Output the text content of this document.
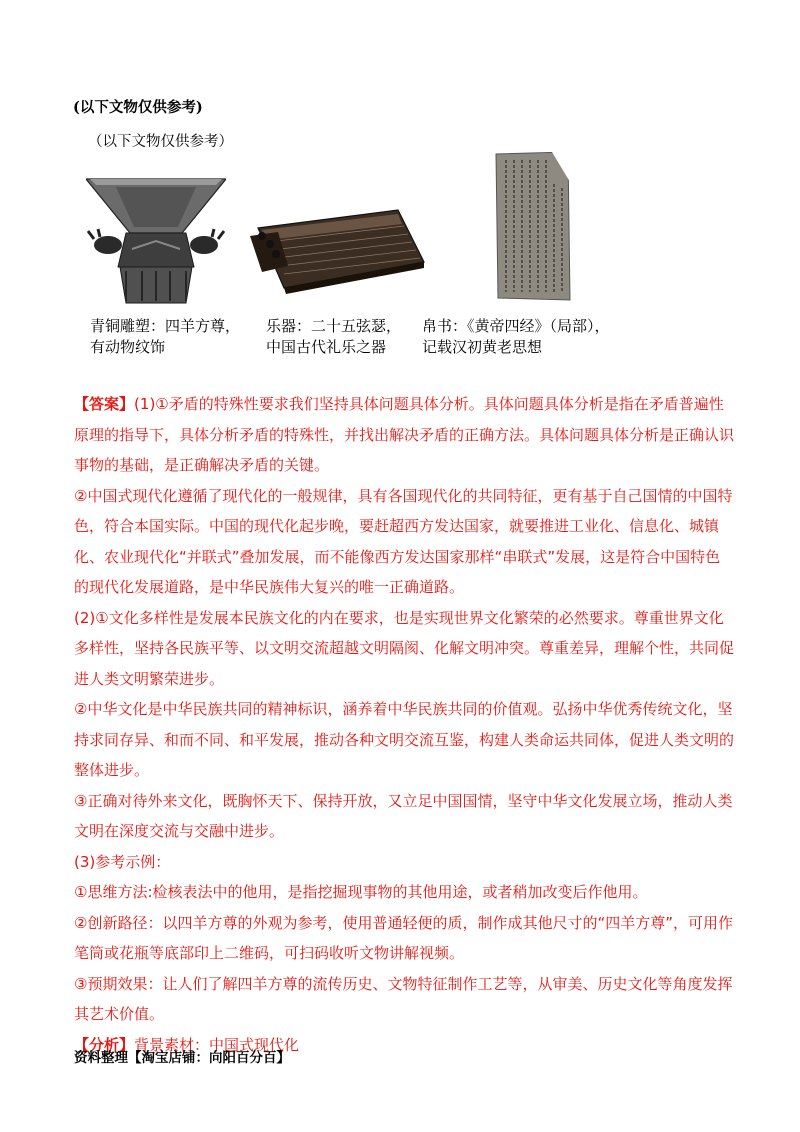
(以下文物仅供参考)
（以下文物仅供参考）
青铜雕塑：四羊方尊，
有动物纹饰
乐器：二十五弦瑟，
中国古代礼乐之器
帛书：《黄帝四经》（局部），
记载汉初黄老思想

【答案】(1)①矛盾的特殊性要求我们坚持具体问题具体分析。具体问题具体分析是指在矛盾普遍性原理的指导下，具体分析矛盾的特殊性，并找出解决矛盾的正确方法。具体问题具体分析是正确认识事物的基础，是正确解决矛盾的关键。

②中国式现代化遵循了现代化的一般规律，具有各国现代化的共同特征，更有基于自己国情的中国特色，符合本国实际。中国的现代化起步晚，要赶超西方发达国家，就要推进工业化、信息化、城镇化、农业现代化“并联式”叠加发展，而不能像西方发达国家那样“串联式”发展，这是符合中国特色的现代化发展道路，是中华民族伟大复兴的唯一正确道路。

(2)①文化多样性是发展本民族文化的内在要求，也是实现世界文化繁荣的必然要求。尊重世界文化多样性，坚持各民族平等、以文明交流超越文明隔阂、化解文明冲突。尊重差异，理解个性，共同促进人类文明繁荣进步。

②中华文化是中华民族共同的精神标识，涵养着中华民族共同的价值观。弘扬中华优秀传统文化，坚持求同存异、和而不同、和平发展，推动各种文明交流互鉴，构建人类命运共同体，促进人类文明的整体进步。

③正确对待外来文化，既胸怀天下、保持开放，又立足中国国情，坚守中华文化发展立场，推动人类文明在深度交流与交融中进步。

(3)参考示例：

①思维方法:检核表法中的他用，是指挖掘现事物的其他用途，或者稍加改变后作他用。

②创新路径：以四羊方尊的外观为参考，使用普通轻便的质，制作成其他尺寸的“四羊方尊”，可用作笔筒或花瓶等底部印上二维码，可扫码收听文物讲解视频。

③预期效果：让人们了解四羊方尊的流传历史、文物特征制作工艺等，从审美、历史文化等角度发挥其艺术价值。

【分析】背景素材：中国式现代化

资料整理【淘宝店铺：向阳百分百】
